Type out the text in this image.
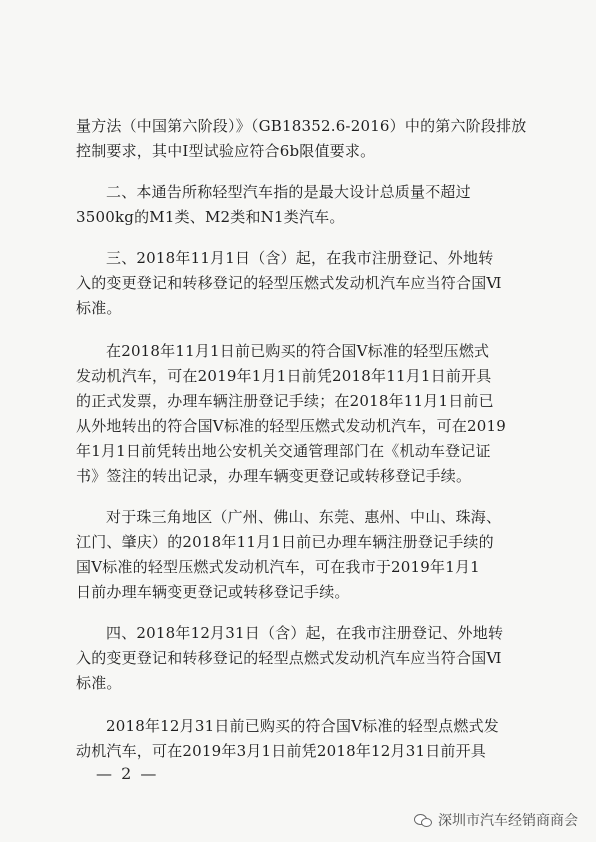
量方法（中国第六阶段）》（GB18352.6-2016）中的第六阶段排放

控制要求，其中Ⅰ型试验应符合6b限值要求。

二、本通告所称轻型汽车指的是最大设计总质量不超过

3500kg的M1类、M2类和N1类汽车。

三、2018年11月1日（含）起，在我市注册登记、外地转

入的变更登记和转移登记的轻型压燃式发动机汽车应当符合国Ⅵ

标准。

在2018年11月1日前已购买的符合国Ⅴ标准的轻型压燃式

发动机汽车，可在2019年1月1日前凭2018年11月1日前开具

的正式发票，办理车辆注册登记手续；在2018年11月1日前已

从外地转出的符合国Ⅴ标准的轻型压燃式发动机汽车，可在2019

年1月1日前凭转出地公安机关交通管理部门在《机动车登记证

书》签注的转出记录，办理车辆变更登记或转移登记手续。

对于珠三角地区（广州、佛山、东莞、惠州、中山、珠海、

江门、肇庆）的2018年11月1日前已办理车辆注册登记手续的

国Ⅴ标准的轻型压燃式发动机汽车，可在我市于2019年1月1

日前办理车辆变更登记或转移登记手续。

四、2018年12月31日（含）起，在我市注册登记、外地转

入的变更登记和转移登记的轻型点燃式发动机汽车应当符合国Ⅵ

标准。

2018年12月31日前已购买的符合国Ⅴ标准的轻型点燃式发

动机汽车，可在2019年3月1日前凭2018年12月31日前开具

— 2 —
深圳市汽车经销商商会
